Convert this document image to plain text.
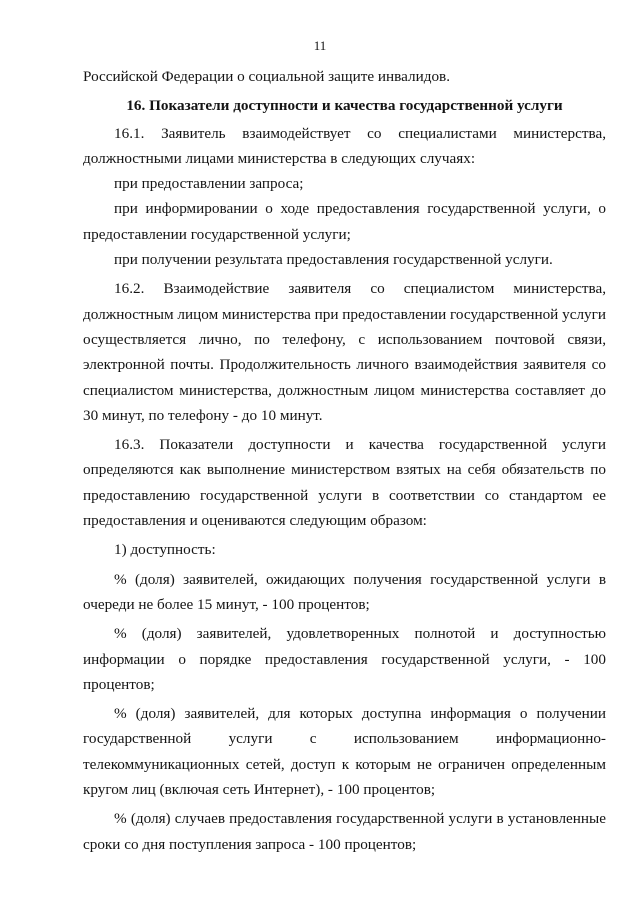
11

Российской Федерации о социальной защите инвалидов.

16. Показатели доступности и качества государственной услуги

16.1. Заявитель взаимодействует со специалистами министерства, должностными лицами министерства в следующих случаях:

при предоставлении запроса;

при информировании о ходе предоставления государственной услуги, о предоставлении государственной услуги;

при получении результата предоставления государственной услуги.

16.2. Взаимодействие заявителя со специалистом министерства, должностным лицом министерства при предоставлении государственной услуги осуществляется лично, по телефону, с использованием почтовой связи, электронной почты. Продолжительность личного взаимодействия заявителя со специалистом министерства, должностным лицом министерства составляет до 30 минут, по телефону - до 10 минут.

16.3. Показатели доступности и качества государственной услуги определяются как выполнение министерством взятых на себя обязательств по предоставлению государственной услуги в соответствии со стандартом ее предоставления и оцениваются следующим образом:

1) доступность:

% (доля) заявителей, ожидающих получения государственной услуги в очереди не более 15 минут, - 100 процентов;

% (доля) заявителей, удовлетворенных полнотой и доступностью информации о порядке предоставления государственной услуги, - 100 процентов;

% (доля) заявителей, для которых доступна информация о получении государственной услуги с использованием информационно-телекоммуникационных сетей, доступ к которым не ограничен определенным кругом лиц (включая сеть Интернет), - 100 процентов;

% (доля) случаев предоставления государственной услуги в установленные сроки со дня поступления запроса - 100 процентов;
